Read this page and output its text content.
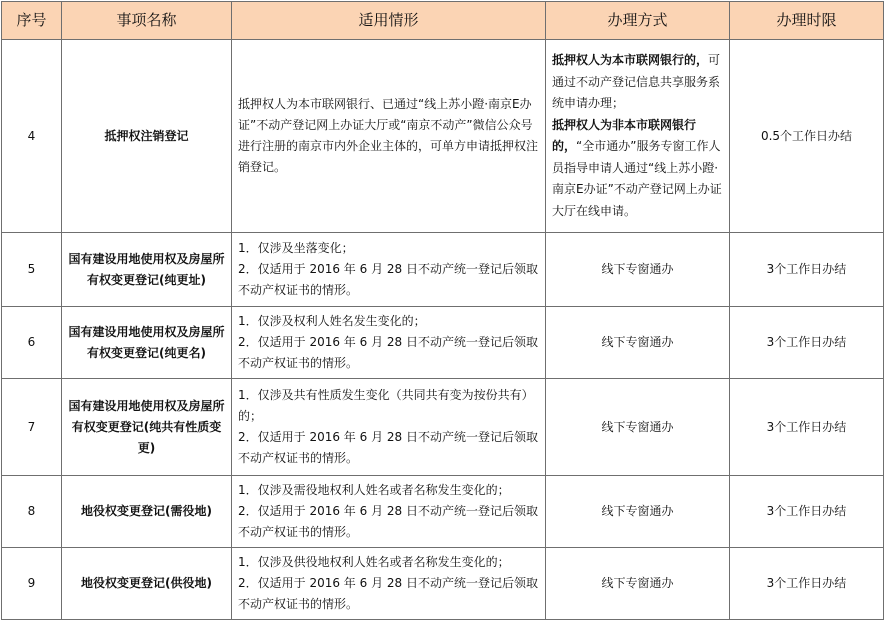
序号	事项名称	适用情形	办理方式	办理时限
4	抵押权注销登记	抵押权人为本市联网银行、已通过“线上苏小蹬·南京E办证”不动产登记网上办证大厅或“南京不动产”微信公众号进行注册的南京市内外企业主体的，可单方申请抵押权注销登记。	抵押权人为本市联网银行的，可通过不动产登记信息共享服务系统申请办理；
抵押权人为非本市联网银行的，“全市通办”服务专窗工作人员指导申请人通过“线上苏小蹬·南京E办证”不动产登记网上办证大厅在线申请。	0.5个工作日办结
5	国有建设用地使用权及房屋所有权变更登记(纯更址)	1．仅涉及坐落变化；
2．仅适用于 2016 年 6 月 28 日不动产统一登记后领取不动产权证书的情形。	线下专窗通办	3个工作日办结
6	国有建设用地使用权及房屋所有权变更登记(纯更名)	1．仅涉及权利人姓名发生变化的；
2．仅适用于 2016 年 6 月 28 日不动产统一登记后领取不动产权证书的情形。	线下专窗通办	3个工作日办结
7	国有建设用地使用权及房屋所有权变更登记(纯共有性质变更)	1．仅涉及共有性质发生变化（共同共有变为按份共有）的；
2．仅适用于 2016 年 6 月 28 日不动产统一登记后领取不动产权证书的情形。	线下专窗通办	3个工作日办结
8	地役权变更登记(需役地)	1．仅涉及需役地权利人姓名或者名称发生变化的；
2．仅适用于 2016 年 6 月 28 日不动产统一登记后领取不动产权证书的情形。	线下专窗通办	3个工作日办结
9	地役权变更登记(供役地)	1．仅涉及供役地权利人姓名或者名称发生变化的；
2．仅适用于 2016 年 6 月 28 日不动产统一登记后领取不动产权证书的情形。	线下专窗通办	3个工作日办结
